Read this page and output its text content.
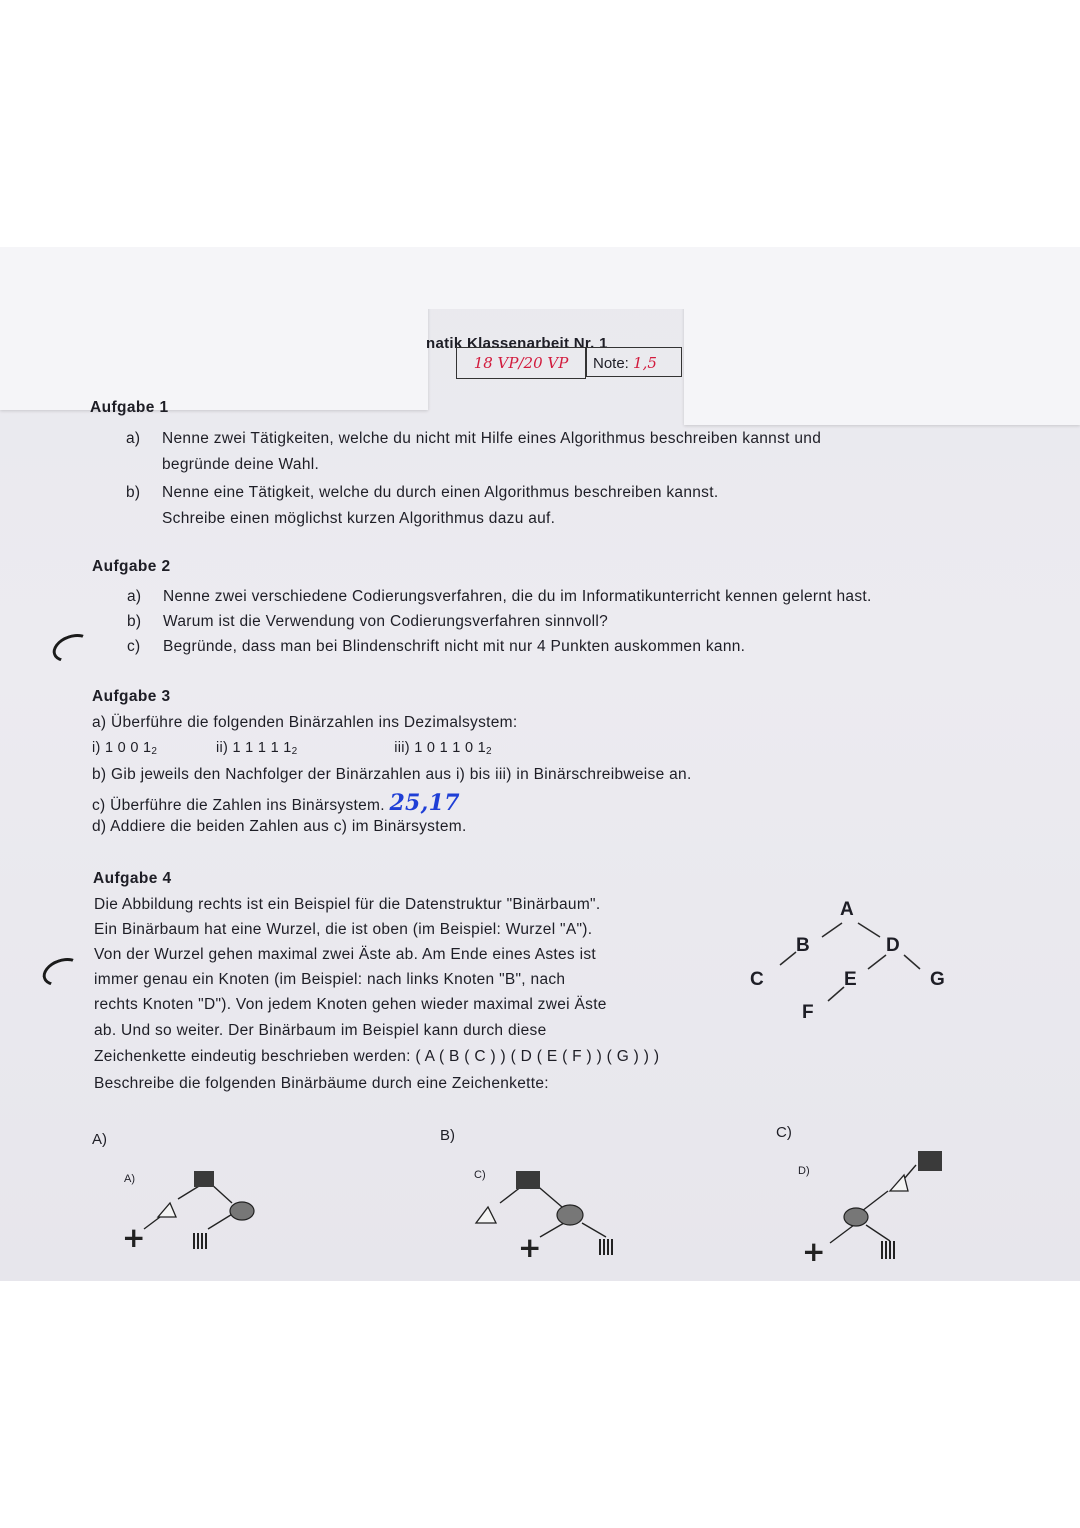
natik Klassenarbeit Nr. 1
18 VP/20 VP	Note: 1,5
Aufgabe 1
a) Nenne zwei Tätigkeiten, welche du nicht mit Hilfe eines Algorithmus beschreiben kannst und
begründe deine Wahl.
b) Nenne eine Tätigkeit, welche du durch einen Algorithmus beschreiben kannst.
Schreibe einen möglichst kurzen Algorithmus dazu auf.
Aufgabe 2
a) Nenne zwei verschiedene Codierungsverfahren, die du im Informatikunterricht kennen gelernt hast.
b) Warum ist die Verwendung von Codierungsverfahren sinnvoll?
c) Begründe, dass man bei Blindenschrift nicht mit nur 4 Punkten auskommen kann.
Aufgabe 3
a) Überführe die folgenden Binärzahlen ins Dezimalsystem:
i) 1 0 0 $1_2$	ii) 1 1 1 1 $1_2$	iii) 1 0 1 1 0 $1_2$
b) Gib jeweils den Nachfolger der Binärzahlen aus i) bis iii) in Binärschreibweise an.
c) Überführe die Zahlen ins Binärsystem. 25,17
d) Addiere die beiden Zahlen aus c) im Binärsystem.
Aufgabe 4
Die Abbildung rechts ist ein Beispiel für die Datenstruktur "Binärbaum".
Ein Binärbaum hat eine Wurzel, die ist oben (im Beispiel: Wurzel "A").
Von der Wurzel gehen maximal zwei Äste ab. Am Ende eines Astes ist
immer genau ein Knoten (im Beispiel: nach links Knoten "B", nach
rechts Knoten "D"). Von jedem Knoten gehen wieder maximal zwei Äste
ab. Und so weiter. Der Binärbaum im Beispiel kann durch diese
Zeichenkette eindeutig beschrieben werden: ( A ( B ( C ) ) ( D ( E ( F ) ) ( G ) ) )
Beschreibe die folgenden Binärbäume durch eine Zeichenkette:
A
B
C
D
E
F
G
A)	B)	C)
A)	C)	D)
+	+	+
